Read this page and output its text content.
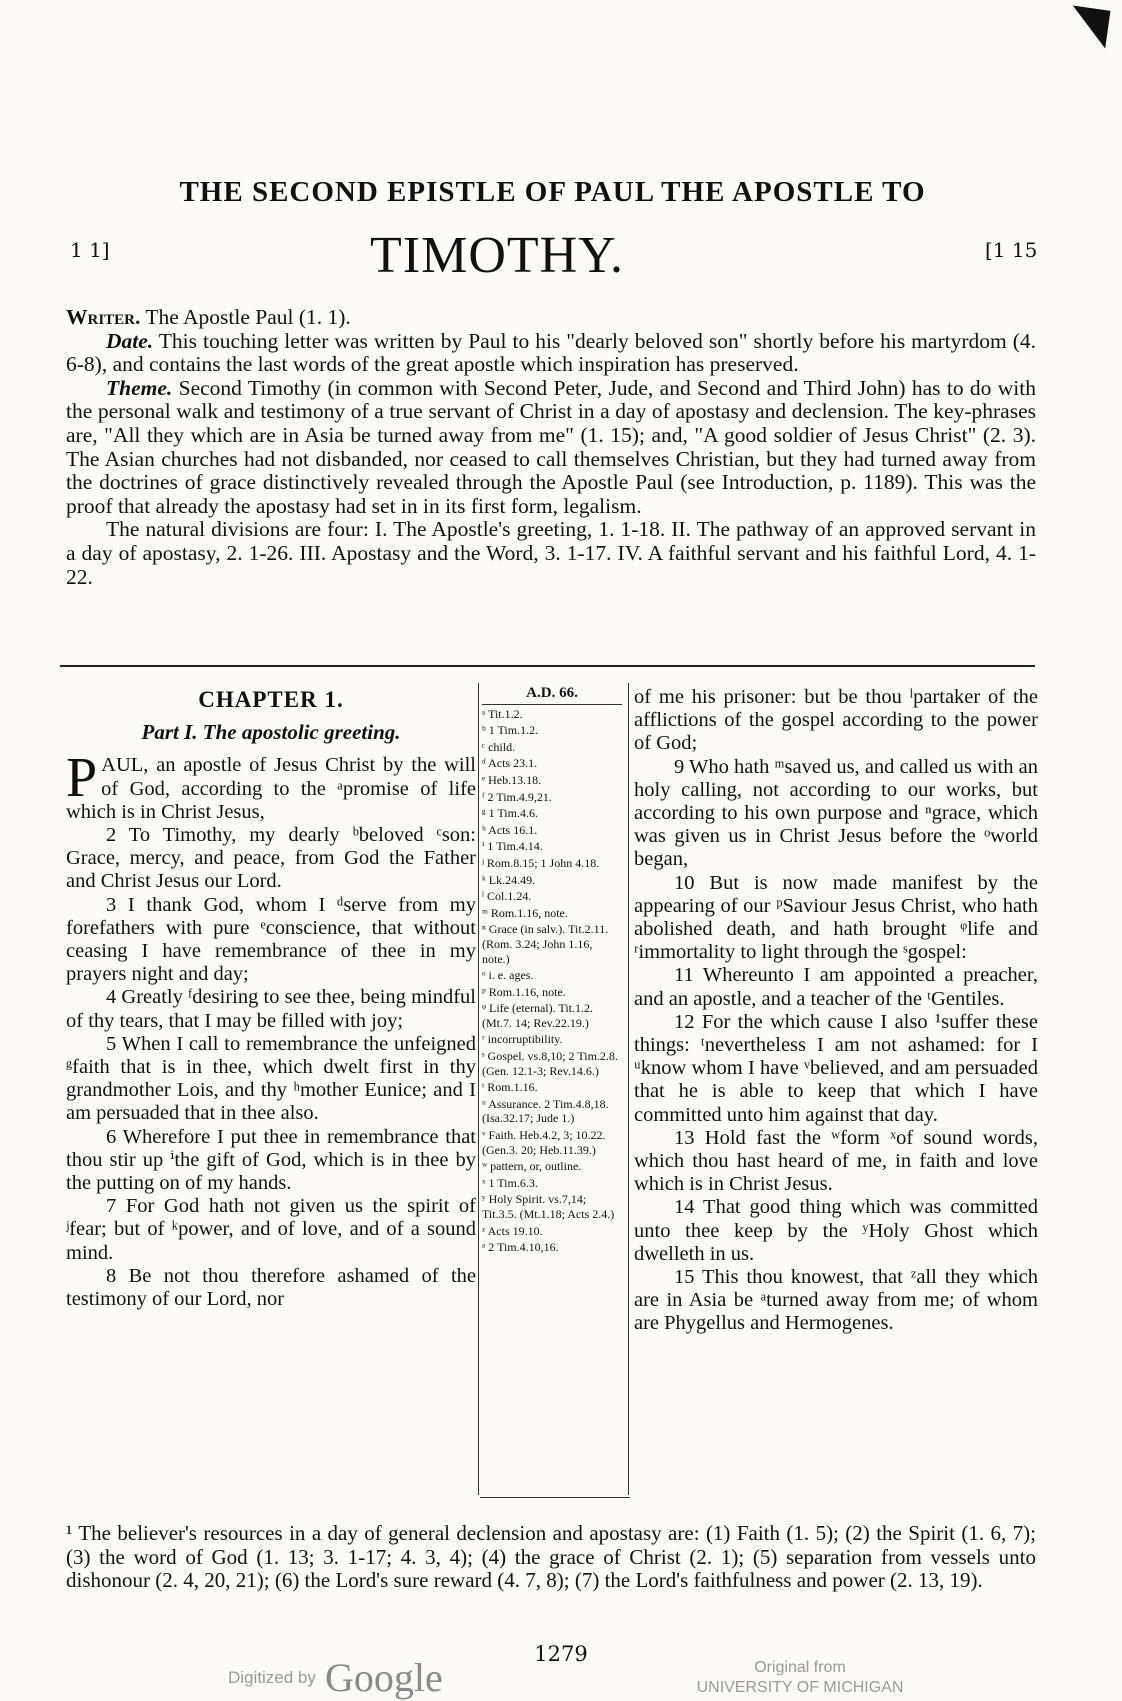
THE SECOND EPISTLE OF PAUL THE APOSTLE TO
1 1]	TIMOTHY.	[1 15

Writer. The Apostle Paul (1. 1).

Date. This touching letter was written by Paul to his "dearly beloved son" shortly before his martyrdom (4. 6-8), and contains the last words of the great apostle which inspiration has preserved.

Theme. Second Timothy (in common with Second Peter, Jude, and Second and Third John) has to do with the personal walk and testimony of a true servant of Christ in a day of apostasy and declension. The key-phrases are, "All they which are in Asia be turned away from me" (1. 15); and, "A good soldier of Jesus Christ" (2. 3). The Asian churches had not disbanded, nor ceased to call themselves Christian, but they had turned away from the doctrines of grace distinctively revealed through the Apostle Paul (see Introduction, p. 1189). This was the proof that already the apostasy had set in in its first form, legalism.

The natural divisions are four: I. The Apostle's greeting, 1. 1-18. II. The pathway of an approved servant in a day of apostasy, 2. 1-26. III. Apostasy and the Word, 3. 1-17. IV. A faithful servant and his faithful Lord, 4. 1-22.

CHAPTER 1.

Part I. The apostolic greeting.

PAUL, an apostle of Jesus Christ by the will of God, according to the ᵃpromise of life which is in Christ Jesus,

2 To Timothy, my dearly ᵇbeloved ᶜson: Grace, mercy, and peace, from God the Father and Christ Jesus our Lord.

3 I thank God, whom I ᵈserve from my forefathers with pure ᵉconscience, that without ceasing I have remembrance of thee in my prayers night and day;

4 Greatly ᶠdesiring to see thee, being mindful of thy tears, that I may be filled with joy;

5 When I call to remembrance the unfeigned ᵍfaith that is in thee, which dwelt first in thy grandmother Lois, and thy ʰmother Eunice; and I am persuaded that in thee also.

6 Wherefore I put thee in remembrance that thou stir up ⁱthe gift of God, which is in thee by the putting on of my hands.

7 For God hath not given us the spirit of ʲfear; but of ᵏpower, and of love, and of a sound mind.

8 Be not thou therefore ashamed of the testimony of our Lord, nor

A.D. 66.
ᵃ Tit.1.2.
ᵇ 1 Tim.1.2.
ᶜ child.
ᵈ Acts 23.1.
ᵉ Heb.13.18.
ᶠ 2 Tim.4.9,21.
ᵍ 1 Tim.4.6.
ʰ Acts 16.1.
ⁱ 1 Tim.4.14.
ʲ Rom.8.15; 1 John 4.18.
ᵏ Lk.24.49.
ˡ Col.1.24.
ᵐ Rom.1.16, note.
ⁿ Grace (in salv.). Tit.2.11. (Rom. 3.24; John 1.16, note.)
ᵒ i. e. ages.
ᵖ Rom.1.16, note.
ᵠ Life (eternal). Tit.1.2. (Mt.7. 14; Rev.22.19.)
ʳ incorruptibility.
ˢ Gospel. vs.8,10; 2 Tim.2.8. (Gen. 12.1-3; Rev.14.6.)
ᵗ Rom.1.16.
ᵘ Assurance. 2 Tim.4.8,18. (Isa.32.17; Jude 1.)
ᵛ Faith. Heb.4.2, 3; 10.22. (Gen.3. 20; Heb.11.39.)
ʷ pattern, or, outline.
ˣ 1 Tim.6.3.
ʸ Holy Spirit. vs.7,14; Tit.3.5. (Mt.1.18; Acts 2.4.)
ᶻ Acts 19.10.
ᵃ 2 Tim.4.10,16.

of me his prisoner: but be thou ˡpartaker of the afflictions of the gospel according to the power of God;

9 Who hath ᵐsaved us, and called us with an holy calling, not according to our works, but according to his own purpose and ⁿgrace, which was given us in Christ Jesus before the ᵒworld began,

10 But is now made manifest by the appearing of our ᵖSaviour Jesus Christ, who hath abolished death, and hath brought ᵠlife and ʳimmortality to light through the ˢgospel:

11 Whereunto I am appointed a preacher, and an apostle, and a teacher of the ᵗGentiles.

12 For the which cause I also ¹suffer these things: ᵗnevertheless I am not ashamed: for I ᵘknow whom I have ᵛbelieved, and am persuaded that he is able to keep that which I have committed unto him against that day.

13 Hold fast the ʷform ˣof sound words, which thou hast heard of me, in faith and love which is in Christ Jesus.

14 That good thing which was committed unto thee keep by the ʸHoly Ghost which dwelleth in us.

15 This thou knowest, that ᶻall they which are in Asia be ᵃturned away from me; of whom are Phygellus and Hermogenes.

¹ The believer's resources in a day of general declension and apostasy are: (1) Faith (1. 5); (2) the Spirit (1. 6, 7); (3) the word of God (1. 13; 3. 1-17; 4. 3, 4); (4) the grace of Christ (2. 1); (5) separation from vessels unto dishonour (2. 4, 20, 21); (6) the Lord's sure reward (4. 7, 8); (7) the Lord's faithfulness and power (2. 13, 19).
1279
Digitized by Google	Original from
UNIVERSITY OF MICHIGAN
